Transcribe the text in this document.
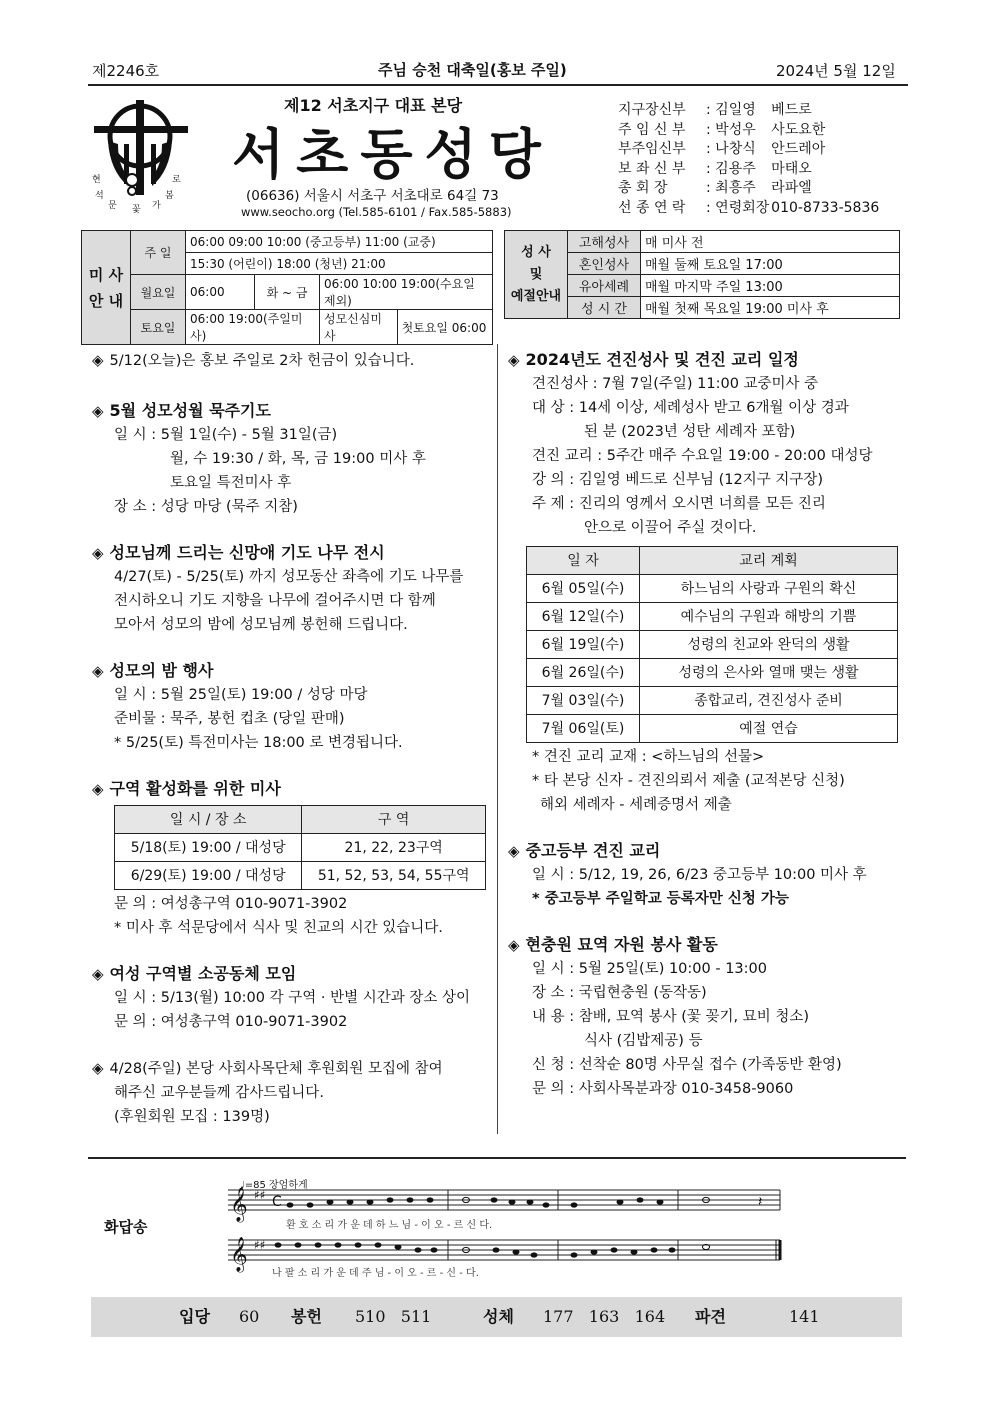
제2246호	주님 승천 대축일(홍보 주일)	2024년 5월 12일
현	로
석	봄
문 꽃 가
제12 서초지구 대표 본당
서초동성당
(06636) 서울시 서초구 서초대로 64길 73
www.seocho.org (Tel.585-6101 / Fax.585-5883)
지구장신부 : 김일영 베드로
주 임 신 부 : 박성우 사도요한
부주임신부 : 나창식 안드레아
보 좌 신 부 : 김용주 마태오
총 회 장	: 최흥주 라파엘
선 종 연 락 : 연령회장 010-8733-5836
미 사
안 내	주 일	06:00 09:00 10:00 (중고등부) 11:00 (교중)			
		15:30 (어린이) 18:00 (청년) 21:00			
	월요일	06:00	화 ~ 금	06:00 10:00 19:00(수요일 제외)	
	토요일	06:00 19:00(주일미사)		성모신심미사	첫토요일 06:00
성 사
및
예절안내	고해성사	매 미사 전
	혼인성사	매월 둘째 토요일 17:00
	유아세례	매월 마지막 주일 13:00
	성 시 간	매월 첫째 목요일 19:00 미사 후
◈ 5/12(오늘)은 홍보 주일로 2차 헌금이 있습니다.
◈ 5월 성모성월 묵주기도
일 시 : 5월 1일(수) - 5월 31일(금)
월, 수 19:30 / 화, 목, 금 19:00 미사 후
토요일 특전미사 후
장 소 : 성당 마당 (묵주 지참)
◈ 성모님께 드리는 신망애 기도 나무 전시
4/27(토) - 5/25(토) 까지 성모동산 좌측에 기도 나무를
전시하오니 기도 지향을 나무에 걸어주시면 다 함께
모아서 성모의 밤에 성모님께 봉헌해 드립니다.
◈ 성모의 밤 행사
일 시 : 5월 25일(토) 19:00 / 성당 마당
준비물 : 묵주, 봉헌 컵초 (당일 판매)
* 5/25(토) 특전미사는 18:00 로 변경됩니다.
◈ 구역 활성화를 위한 미사
일 시 / 장 소	구 역
5/18(토) 19:00 / 대성당	21, 22, 23구역
6/29(토) 19:00 / 대성당	51, 52, 53, 54, 55구역
문 의 : 여성총구역 010-9071-3902
* 미사 후 석문당에서 식사 및 친교의 시간 있습니다.
◈ 여성 구역별 소공동체 모임
일 시 : 5/13(월) 10:00 각 구역 · 반별 시간과 장소 상이
문 의 : 여성총구역 010-9071-3902
◈ 4/28(주일) 본당 사회사목단체 후원회원 모집에 참여
해주신 교우분들께 감사드립니다.
(후원회원 모집 : 139명)
◈ 2024년도 견진성사 및 견진 교리 일정
견진성사 : 7월 7일(주일) 11:00 교중미사 중
대 상 : 14세 이상, 세례성사 받고 6개월 이상 경과
된 분 (2023년 성탄 세례자 포함)
견진 교리 : 5주간 매주 수요일 19:00 - 20:00 대성당
강 의 : 김일영 베드로 신부님 (12지구 지구장)
주 제 : 진리의 영께서 오시면 너희를 모든 진리
안으로 이끌어 주실 것이다.
일 자	교리 계획
6월 05일(수)	하느님의 사랑과 구원의 확신
6월 12일(수)	예수님의 구원과 해방의 기쁨
6월 19일(수)	성령의 친교와 완덕의 생활
6월 26일(수)	성령의 은사와 열매 맺는 생활
7월 03일(수)	종합교리, 견진성사 준비
7월 06일(토)	예절 연습
* 견진 교리 교재 : <하느님의 선물>
* 타 본당 신자 - 견진의뢰서 제출 (교적본당 신청)
해외 세례자 - 세례증명서 제출
◈ 중고등부 견진 교리
일 시 : 5/12, 19, 26, 6/23 중고등부 10:00 미사 후
* 중고등부 주일학교 등록자만 신청 가능
◈ 현충원 묘역 자원 봉사 활동
일 시 : 5월 25일(토) 10:00 - 13:00
장 소 : 국립현충원 (동작동)
내 용 : 참배, 묘역 봉사 (꽃 꽂기, 묘비 청소)
식사 (김밥제공) 등
신 청 : 선착순 80명 사무실 접수 (가족동반 환영)
문 의 : 사회사목분과장 010-3458-9060
화답송
♩=85 장엄하게
𝄞 ♯♯ C	𝄽
환 호 소 리 가 운 데 하 느 님 - 이 오 - 르 신 다.
𝄞 ♯♯
나 팔 소 리 가 운 데 주 님 - 이 오 - 르 - 신 - 다.
입당 60 봉헌 510   511	성체 177   163   164 파견	141
